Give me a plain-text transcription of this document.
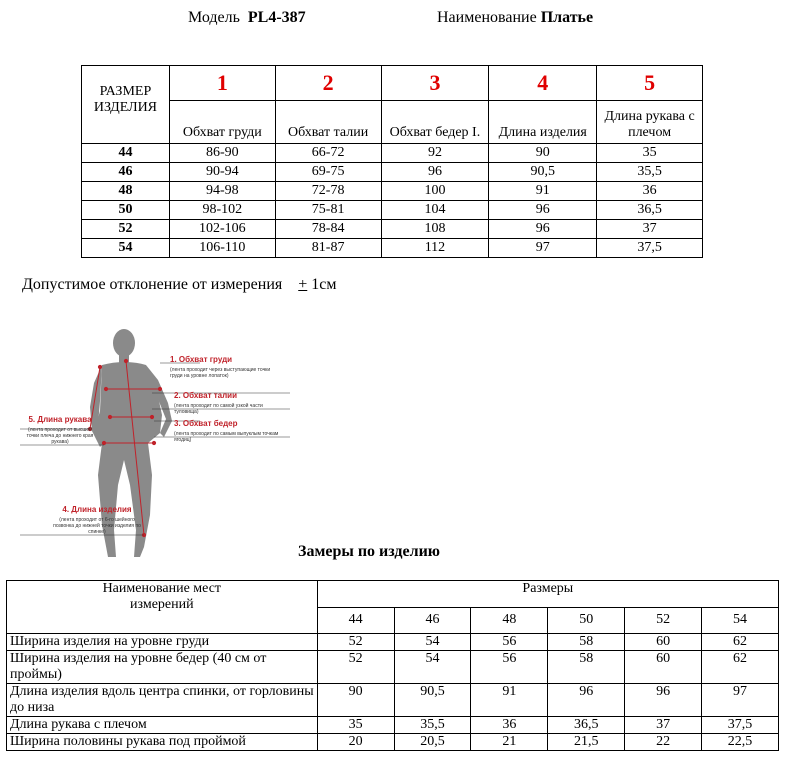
Модель PL4-387	Наименование Платье
РАЗМЕР ИЗДЕЛИЯ	1	2	3	4	5
	Обхват груди	Обхват талии	Обхват бедер I.	Длина изделия	Длина рукава с плечом
44	86-90	66-72	92	90	35
46	90-94	69-75	96	90,5	35,5
48	94-98	72-78	100	91	36
50	98-102	75-81	104	96	36,5
52	102-106	78-84	108	96	37
54	106-110	81-87	112	97	37,5
Допустимое отклонение от измерения + 1см
1. Обхват груди
(лента проходит через выступающие точки груди на уровне лопаток)
2. Обхват талии
(лента проходит по самой узкой части туловища)
3. Обхват бедер
(лента проходит по самым выпуклым точкам ягодиц)
5. Длина рукава
(лента проходит от высшей точки плеча до нижнего края рукава)
4. Длина изделия
(лента проходит от 6-го шейного позвонка до нижней точки изделия по спинке)
Замеры по изделию
Наименование мест измерений	Размеры					
	44	46	48	50	52	54
Ширина изделия на уровне груди	52	54	56	58	60	62
Ширина изделия на уровне бедер (40 см от проймы)	52	54	56	58	60	62
Длина изделия вдоль центра спинки, от горловины до низа	90	90,5	91	96	96	97
Длина рукава с плечом	35	35,5	36	36,5	37	37,5
Ширина половины рукава под проймой	20	20,5	21	21,5	22	22,5
